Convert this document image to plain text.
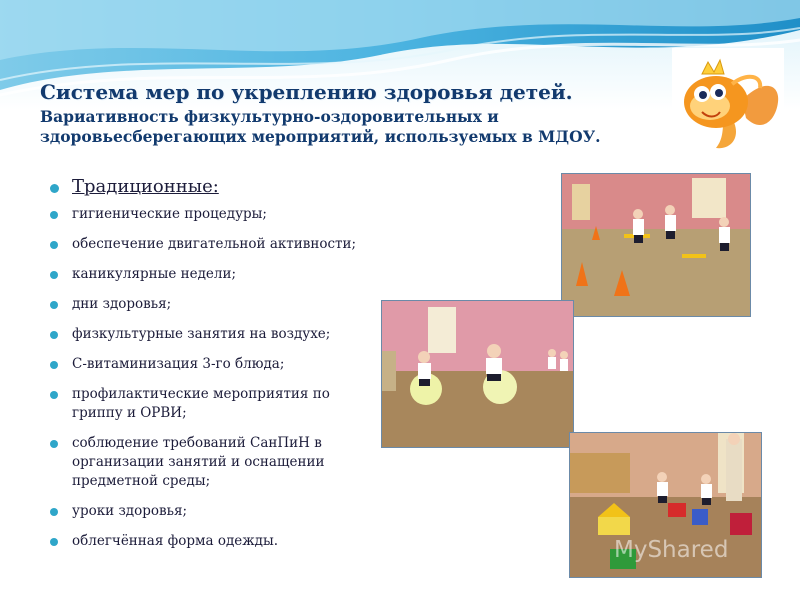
Система мер по укреплению здоровья детей.
Вариативность физкультурно-оздоровительных и здоровьесберегающих мероприятий, используемых в МДОУ.
Традиционные:
гигиенические процедуры;
обеспечение двигательной активности;
каникулярные недели;
дни здоровья;
физкультурные занятия на воздухе;
С-витаминизация 3-го блюда;
профилактические мероприятия по гриппу и ОРВИ;
соблюдение требований СанПиН в организации занятий и оснащении предметной среды;
уроки здоровья;
облегчённая форма одежды.	MyShared
